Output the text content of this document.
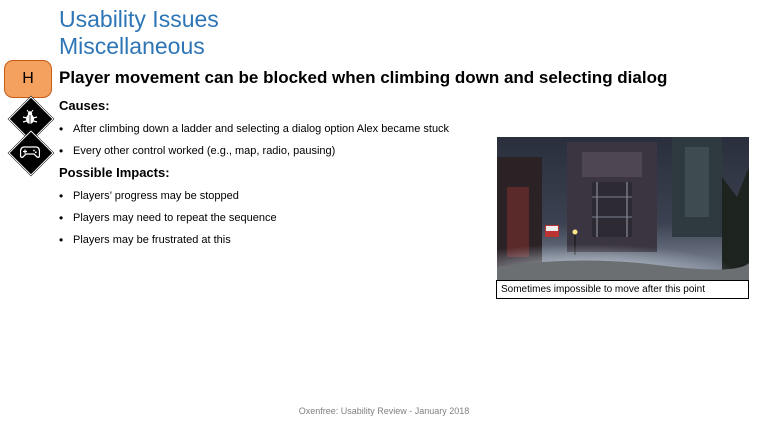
Usability Issues
Miscellaneous
H Player movement can be blocked when climbing down and selecting dialog
Causes:
• After climbing down a ladder and selecting a dialog option Alex became stuck
• Every other control worked (e.g., map, radio, pausing)
Possible Impacts:
• Players’ progress may be stopped
• Players may need to repeat the sequence
• Players may be frustrated at this
Sometimes impossible to move after this point
Oxenfree: Usability Review - January 2018
